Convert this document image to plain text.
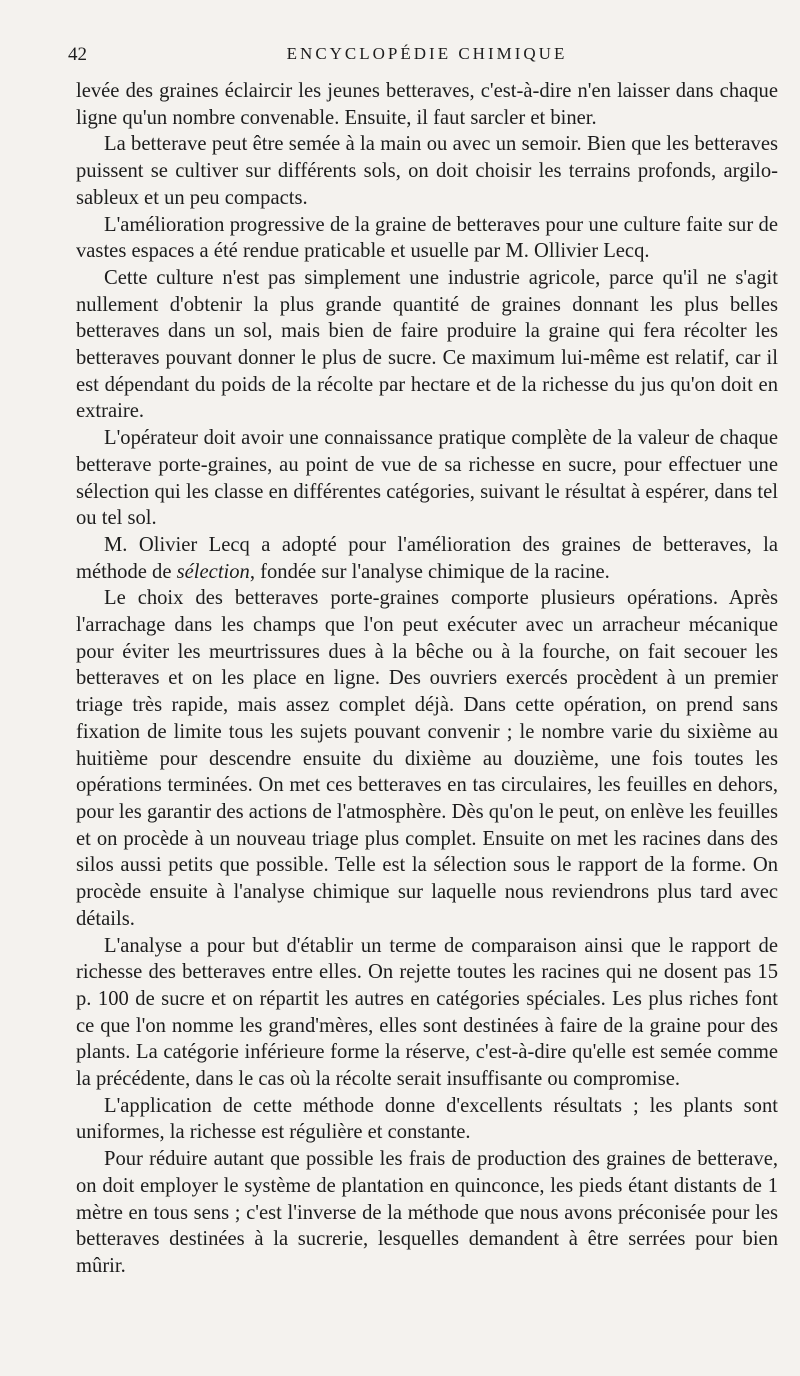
42	ENCYCLOPÉDIE CHIMIQUE

levée des graines éclaircir les jeunes betteraves, c'est-à-dire n'en laisser dans chaque ligne qu'un nombre convenable. Ensuite, il faut sarcler et biner.

La betterave peut être semée à la main ou avec un semoir. Bien que les betteraves puissent se cultiver sur différents sols, on doit choisir les terrains profonds, argilo-sableux et un peu compacts.

L'amélioration progressive de la graine de betteraves pour une culture faite sur de vastes espaces a été rendue praticable et usuelle par M. Ollivier Lecq.

Cette culture n'est pas simplement une industrie agricole, parce qu'il ne s'agit nullement d'obtenir la plus grande quantité de graines donnant les plus belles betteraves dans un sol, mais bien de faire produire la graine qui fera récolter les betteraves pouvant donner le plus de sucre. Ce maximum lui-même est relatif, car il est dépendant du poids de la récolte par hectare et de la richesse du jus qu'on doit en extraire.

L'opérateur doit avoir une connaissance pratique complète de la valeur de chaque betterave porte-graines, au point de vue de sa richesse en sucre, pour effectuer une sélection qui les classe en différentes catégories, suivant le résultat à espérer, dans tel ou tel sol.

M. Olivier Lecq a adopté pour l'amélioration des graines de betteraves, la méthode de sélection, fondée sur l'analyse chimique de la racine.

Le choix des betteraves porte-graines comporte plusieurs opérations. Après l'arrachage dans les champs que l'on peut exécuter avec un arracheur mécanique pour éviter les meurtrissures dues à la bêche ou à la fourche, on fait secouer les betteraves et on les place en ligne. Des ouvriers exercés procèdent à un premier triage très rapide, mais assez complet déjà. Dans cette opération, on prend sans fixation de limite tous les sujets pouvant convenir ; le nombre varie du sixième au huitième pour descendre ensuite du dixième au douzième, une fois toutes les opérations terminées. On met ces betteraves en tas circulaires, les feuilles en dehors, pour les garantir des actions de l'atmosphère. Dès qu'on le peut, on enlève les feuilles et on procède à un nouveau triage plus complet. Ensuite on met les racines dans des silos aussi petits que possible. Telle est la sélection sous le rapport de la forme. On procède ensuite à l'analyse chimique sur laquelle nous reviendrons plus tard avec détails.

L'analyse a pour but d'établir un terme de comparaison ainsi que le rapport de richesse des betteraves entre elles. On rejette toutes les racines qui ne dosent pas 15 p. 100 de sucre et on répartit les autres en catégories spéciales. Les plus riches font ce que l'on nomme les grand'mères, elles sont destinées à faire de la graine pour des plants. La catégorie inférieure forme la réserve, c'est-à-dire qu'elle est semée comme la précédente, dans le cas où la récolte serait insuffisante ou compromise.

L'application de cette méthode donne d'excellents résultats ; les plants sont uniformes, la richesse est régulière et constante.

Pour réduire autant que possible les frais de production des graines de betterave, on doit employer le système de plantation en quinconce, les pieds étant distants de 1 mètre en tous sens ; c'est l'inverse de la méthode que nous avons préconisée pour les betteraves destinées à la sucrerie, lesquelles demandent à être serrées pour bien mûrir.
